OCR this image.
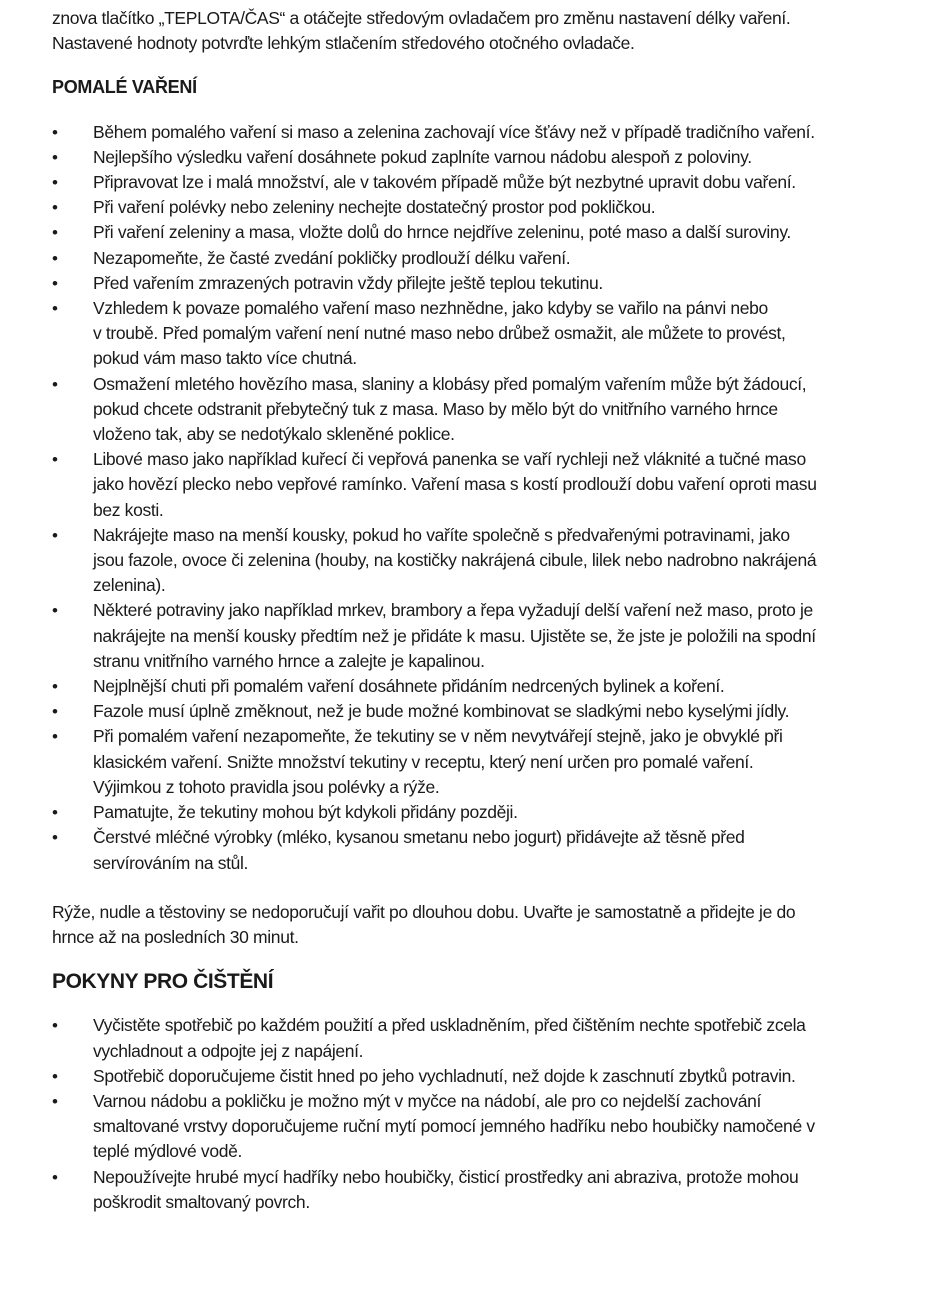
znova tlačítko „TEPLOTA/ČAS“ a otáčejte středovým ovladačem pro změnu nastavení délky vaření.
Nastavené hodnoty potvrďte lehkým stlačením středového otočného ovladače.
POMALÉ VAŘENÍ
• Během pomalého vaření si maso a zelenina zachovají více šťávy než v případě tradičního vaření.
• Nejlepšího výsledku vaření dosáhnete pokud zaplníte varnou nádobu alespoň z poloviny.
• Připravovat lze i malá množství, ale v takovém případě může být nezbytné upravit dobu vaření.
• Při vaření polévky nebo zeleniny nechejte dostatečný prostor pod pokličkou.
• Při vaření zeleniny a masa, vložte dolů do hrnce nejdříve zeleninu, poté maso a další suroviny.
• Nezapomeňte, že časté zvedání pokličky prodlouží délku vaření.
• Před vařením zmrazených potravin vždy přilejte ještě teplou tekutinu.
• Vzhledem k povaze pomalého vaření maso nezhnědne, jako kdyby se vařilo na pánvi nebo
v troubě. Před pomalým vaření není nutné maso nebo drůbež osmažit, ale můžete to provést,
pokud vám maso takto více chutná.
• Osmažení mletého hovězího masa, slaniny a klobásy před pomalým vařením může být žádoucí,
pokud chcete odstranit přebytečný tuk z masa. Maso by mělo být do vnitřního varného hrnce
vloženo tak, aby se nedotýkalo skleněné poklice.
• Libové maso jako například kuřecí či vepřová panenka se vaří rychleji než vláknité a tučné maso
jako hovězí plecko nebo vepřové ramínko. Vaření masa s kostí prodlouží dobu vaření oproti masu
bez kosti.
• Nakrájejte maso na menší kousky, pokud ho vaříte společně s předvařenými potravinami, jako
jsou fazole, ovoce či zelenina (houby, na kostičky nakrájená cibule, lilek nebo nadrobno nakrájená
zelenina).
• Některé potraviny jako například mrkev, brambory a řepa vyžadují delší vaření než maso, proto je
nakrájejte na menší kousky předtím než je přidáte k masu. Ujistěte se, že jste je položili na spodní
stranu vnitřního varného hrnce a zalejte je kapalinou.
• Nejplnější chuti při pomalém vaření dosáhnete přidáním nedrcených bylinek a koření.
• Fazole musí úplně změknout, než je bude možné kombinovat se sladkými nebo kyselými jídly.
• Při pomalém vaření nezapomeňte, že tekutiny se v něm nevytvářejí stejně, jako je obvyklé při
klasickém vaření. Snižte množství tekutiny v receptu, který není určen pro pomalé vaření.
Výjimkou z tohoto pravidla jsou polévky a rýže.
• Pamatujte, že tekutiny mohou být kdykoli přidány později.
• Čerstvé mléčné výrobky (mléko, kysanou smetanu nebo jogurt) přidávejte až těsně před
servírováním na stůl.
Rýže, nudle a těstoviny se nedoporučují vařit po dlouhou dobu. Uvařte je samostatně a přidejte je do
hrnce až na posledních 30 minut.
POKYNY PRO ČIŠTĚNÍ
• Vyčistěte spotřebič po každém použití a před uskladněním, před čištěním nechte spotřebič zcela
vychladnout a odpojte jej z napájení.
• Spotřebič doporučujeme čistit hned po jeho vychladnutí, než dojde k zaschnutí zbytků potravin.
• Varnou nádobu a pokličku je možno mýt v myčce na nádobí, ale pro co nejdelší zachování
smaltované vrstvy doporučujeme ruční mytí pomocí jemného hadříku nebo houbičky namočené v
teplé mýdlové vodě.
• Nepoužívejte hrubé mycí hadříky nebo houbičky, čisticí prostředky ani abraziva, protože mohou
poškrodit smaltovaný povrch.
